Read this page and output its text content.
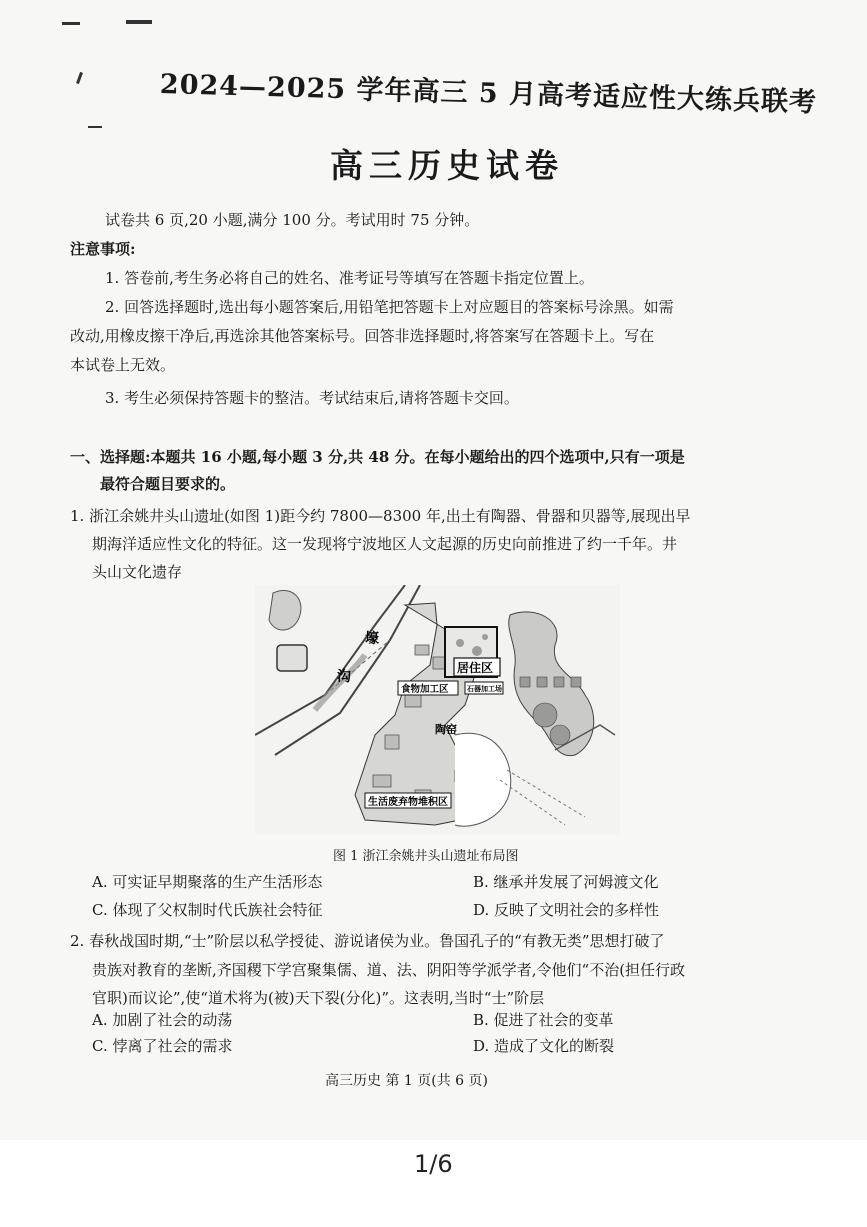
2024—2025 学年高三 5 月高考适应性大练兵联考
高三历史试卷
试卷共 6 页,20 小题,满分 100 分。考试用时 75 分钟。
注意事项:
1. 答卷前,考生务必将自己的姓名、准考证号等填写在答题卡指定位置上。
2. 回答选择题时,选出每小题答案后,用铅笔把答题卡上对应题目的答案标号涂黑。如需
改动,用橡皮擦干净后,再选涂其他答案标号。回答非选择题时,将答案写在答题卡上。写在
本试卷上无效。
3. 考生必须保持答题卡的整洁。考试结束后,请将答题卡交回。
一、选择题:本题共 16 小题,每小题 3 分,共 48 分。在每小题给出的四个选项中,只有一项是
最符合题目要求的。
1. 浙江余姚井头山遗址(如图 1)距今约 7800—8300 年,出土有陶器、骨器和贝器等,展现出早
期海洋适应性文化的特征。这一发现将宁波地区人文起源的历史向前推进了约一千年。井
头山文化遗存
壕
沟
居住区
食物加工区	石器加工场
陶窑
生活废弃物堆积区
图 1 浙江余姚井头山遗址布局图
A. 可实证早期聚落的生产生活形态	B. 继承并发展了河姆渡文化
C. 体现了父权制时代氏族社会特征	D. 反映了文明社会的多样性
2. 春秋战国时期,“士”阶层以私学授徒、游说诸侯为业。鲁国孔子的“有教无类”思想打破了
贵族对教育的垄断,齐国稷下学宫聚集儒、道、法、阴阳等学派学者,令他们“不治(担任行政
官职)而议论”,使“道术将为(被)天下裂(分化)”。这表明,当时“士”阶层
A. 加剧了社会的动荡	B. 促进了社会的变革
C. 悖离了社会的需求	D. 造成了文化的断裂
高三历史 第 1 页(共 6 页)
1/6
